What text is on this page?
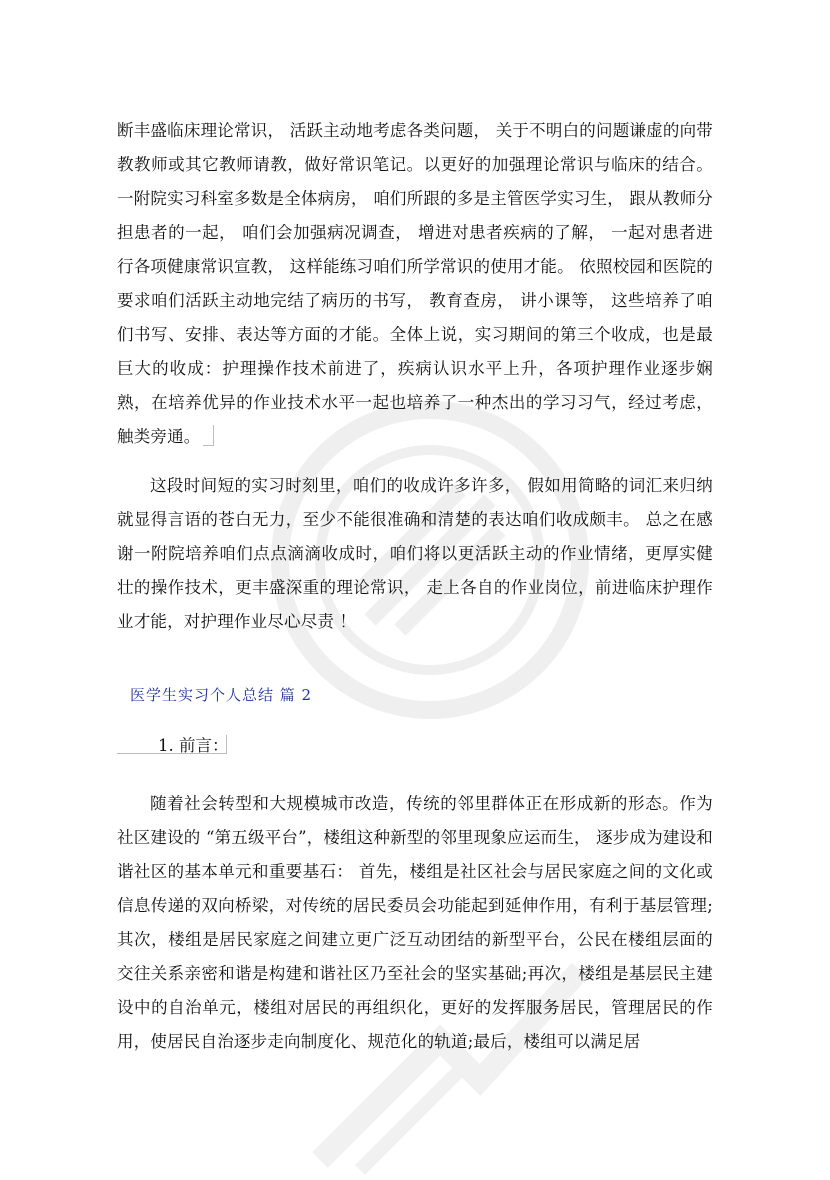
断丰盛临床理论常识， 活跃主动地考虑各类问题， 关于不明白的问题谦虚的向带教教师或其它教师请教，做好常识笔记。以更好的加强理论常识与临床的结合。一附院实习科室多数是全体病房， 咱们所跟的多是主管医学实习生， 跟从教师分担患者的一起， 咱们会加强病况调查， 增进对患者疾病的了解， 一起对患者进行各项健康常识宣教， 这样能练习咱们所学常识的使用才能。 依照校园和医院的要求咱们活跃主动地完结了病历的书写， 教育查房， 讲小课等， 这些培养了咱们书写、安排、表达等方面的才能。全体上说，实习期间的第三个收成，也是最巨大的收成：护理操作技术前进了，疾病认识水平上升，各项护理作业逐步娴熟，在培养优异的作业技术水平一起也培养了一种杰出的学习习气，经过考虑， 触类旁通。

这段时间短的实习时刻里，咱们的收成许多许多， 假如用简略的词汇来归纳就显得言语的苍白无力，至少不能很准确和清楚的表达咱们收成颇丰。 总之在感谢一附院培养咱们点点滴滴收成时，咱们将以更活跃主动的作业情绪，更厚实健壮的操作技术，更丰盛深重的理论常识， 走上各自的作业岗位，前进临床护理作业才能，对护理作业尽心尽责 ！

医学生实习个人总结 篇 2

1. 前言：

随着社会转型和大规模城市改造，传统的邻里群体正在形成新的形态。作为社区建设的 “第五级平台”，楼组这种新型的邻里现象应运而生， 逐步成为建设和谐社区的基本单元和重要基石： 首先，楼组是社区社会与居民家庭之间的文化或信息传递的双向桥梁，对传统的居民委员会功能起到延伸作用，有利于基层管理;其次，楼组是居民家庭之间建立更广泛互动团结的新型平台，公民在楼组层面的交往关系亲密和谐是构建和谐社区乃至社会的坚实基础;再次，楼组是基层民主建设中的自治单元，楼组对居民的再组织化，更好的发挥服务居民，管理居民的作用，使居民自治逐步走向制度化、规范化的轨道;最后，楼组可以满足居
